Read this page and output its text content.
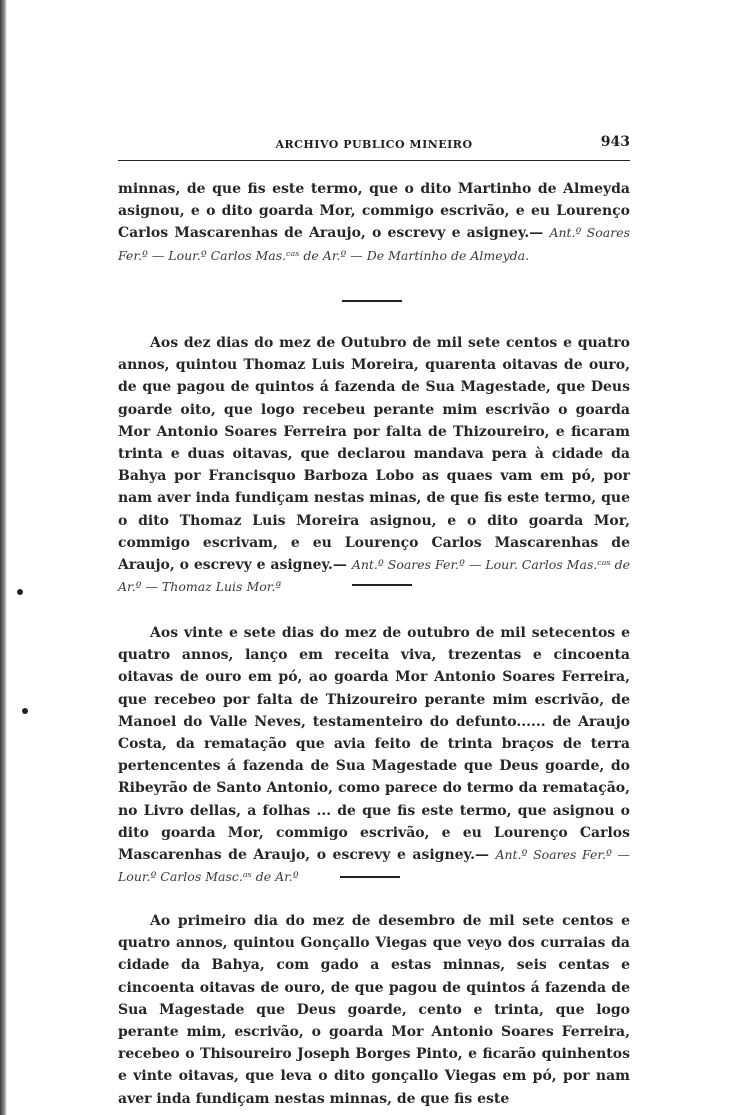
ARCHIVO PUBLICO MINEIRO	943

minnas, de que fis este termo, que o dito Martinho de Almeyda asignou, e o dito goarda Mor, commigo escrivão, e eu Lourenço Carlos Mascarenhas de Araujo, o escrevy e asigney.— Ant.º Soares Fer.º — Lour.º Carlos Mas.ᶜᵃˢ de Ar.º — De Martinho de Almeyda.

Aos dez dias do mez de Outubro de mil sete centos e quatro annos, quintou Thomaz Luis Moreira, quarenta oitavas de ouro, de que pagou de quintos á fazenda de Sua Magestade, que Deus goarde oito, que logo recebeu perante mim escrivão o goarda Mor Antonio Soares Ferreira por falta de Thizoureiro, e ficaram trinta e duas oitavas, que declarou mandava pera à cidade da Bahya por Francisquo Barboza Lobo as quaes vam em pó, por nam aver inda fundiçam nestas minas, de que fis este termo, que o dito Thomaz Luis Moreira asignou, e o dito goarda Mor, commigo escrivam, e eu Lourenço Carlos Mascarenhas de Araujo, o escrevy e asigney.— Ant.º Soares Fer.º — Lour. Carlos Mas.ᶜᵃˢ de Ar.º — Thomaz Luis Mor.ª

Aos vinte e sete dias do mez de outubro de mil setecentos e quatro annos, lanço em receita viva, trezentas e cincoenta oitavas de ouro em pó, ao goarda Mor Antonio Soares Ferreira, que recebeo por falta de Thizoureiro perante mim escrivão, de Manoel do Valle Neves, testamenteiro do defunto...... de Araujo Costa, da rematação que avia feito de trinta braços de terra pertencentes á fazenda de Sua Magestade que Deus goarde, do Ribeyrão de Santo Antonio, como parece do termo da rematação, no Livro dellas, a folhas ... de que fis este termo, que asignou o dito goarda Mor, commigo escrivão, e eu Lourenço Carlos Mascarenhas de Araujo, o escrevy e asigney.— Ant.º Soares Fer.º — Lour.º Carlos Masc.ᵃˢ de Ar.º

Ao primeiro dia do mez de desembro de mil sete centos e quatro annos, quintou Gonçallo Viegas que veyo dos curraias da cidade da Bahya, com gado a estas minnas, seis centas e cincoenta oitavas de ouro, de que pagou de quintos á fazenda de Sua Magestade que Deus goarde, cento e trinta, que logo perante mim, escrivão, o goarda Mor Antonio Soares Ferreira, recebeo o Thisoureiro Joseph Borges Pinto, e ficarão quinhentos e vinte oitavas, que leva o dito gonçallo Viegas em pó, por nam aver inda fundiçam nestas minnas, de que fis este
